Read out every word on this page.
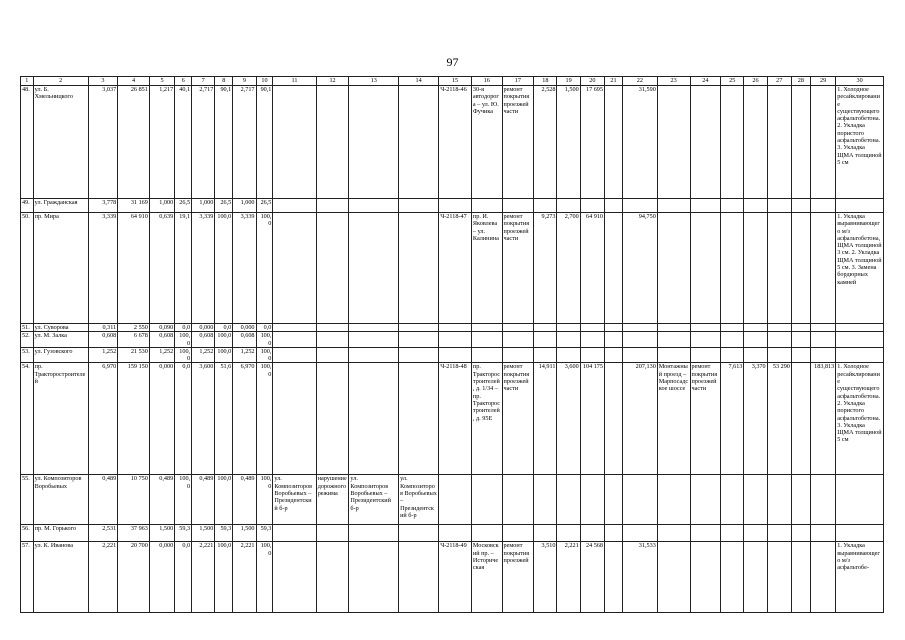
97
1	2	3	4	5	6	7	8	9	10	11	12	13	14	15	16	17	18	19	20	21	22	23	24	25	26	27	28	29	30
48.	ул. Б. Хмельницкого	3,037	26 851	1,217	40,1	2,717	90,1	2,717	90,1					Ч-2118-46	30-я автодорога – ул. Ю. Фучика	ремонт покрытия проезжей части	2,528	1,500	17 695		31,590								1. Холодное ресайклирование существующего асфальтобетона. 2. Укладка пористого асфальтобетона. 3. Укладка ЩМА толщиной 5 см
49.	ул. Гражданская	3,778	31 169	1,000	26,5	1,000	26,5	1,000	26,5																				
50.	пр. Мира	3,339	64 910	0,639	19,1	3,339	100,0	3,339	100,0					Ч-2118-47	пр. И. Яковлева – ул. Калинина	ремонт покрытия проезжей части	9,273	2,700	64 910		94,750								1. Укладка выравнивающего м/з асфальтобетона, ЩМА толщиной 3 см. 2. Укладка ЩМА толщиной 5 см. 3. Замена бордюрных камней
51.	ул. Суворова	0,311	2 550	0,090	0,0	0,000	0,0	0,000	0,0																				
52.	ул. М. Залка	0,608	6 678	0,608	100,0	0,608	100,0	0,608	100,0																				
53.	ул. Гузовского	1,252	21 530	1,252	100,0	1,252	100,0	1,252	100,0																				
54.	пр. Тракторостроителей	6,970	159 150	0,000	0,0	3,600	51,6	6,970	100,0					Ч-2118-48	пр. Тракторостроителей, д. 1/34 – пр. Тракторостроителей, д. 95Е	ремонт покрытия проезжей части	14,911	3,600	104 175		207,130	Монтажный проезд – Марпосадское шоссе	ремонт покрытия проезжей части	7,613	3,370	53 290		183,813	1. Холодное ресайклирование существующего асфальтобетона. 2. Укладка пористого асфальтобетона. 3. Укладка ЩМА толщиной 5 см
55.	ул. Композиторов Воробьевых	0,489	10 750	0,489	100,0	0,489	100,0	0,489	100,0	ул. Композиторов Воробьевых – Президентский б-р	нарушение дорожного режима	ул. Композиторов Воробьевых – Президентский б-р	ул. Композиторов Воробьевых – Президентский б-р																
56.	пр. М. Горького	2,531	37 963	1,500	59,3	1,500	59,3	1,500	59,3																				
57.	ул. К. Иванова	2,221	20 700	0,000	0,0	2,221	100,0	2,221	100,0					Ч-2118-49	Московский пр. – Историческая	ремонт покрытия проезжей	3,510	2,221	24 568		31,533								1. Укладка выравнивающего м/з асфальтобе-
